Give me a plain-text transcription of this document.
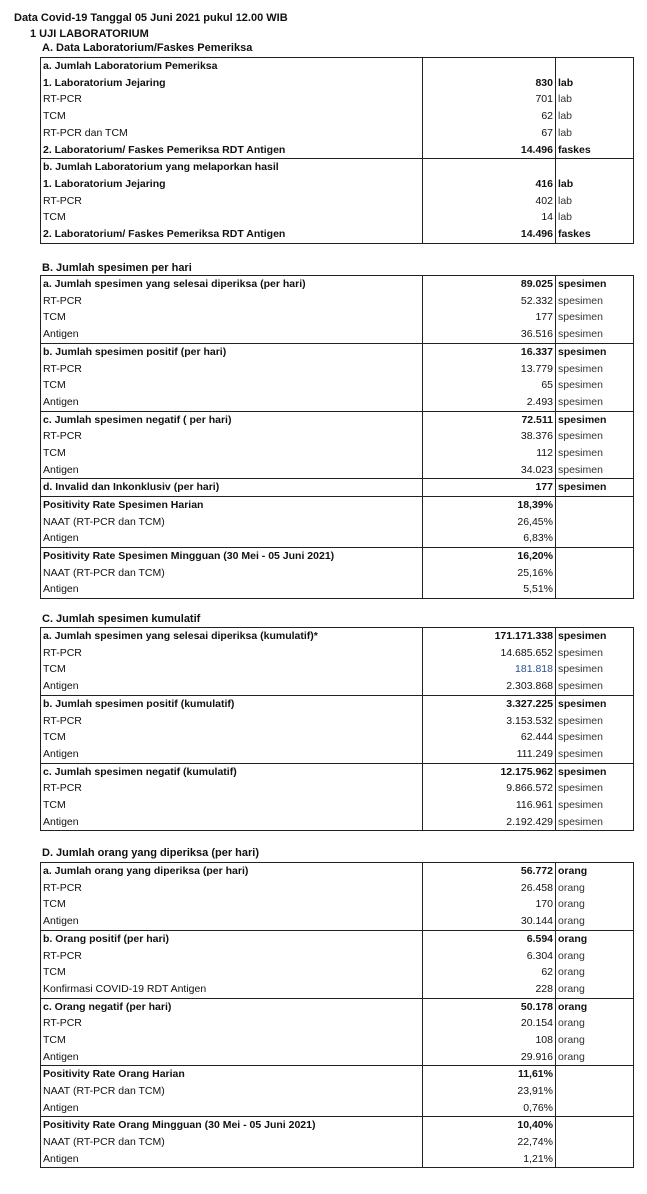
Data Covid-19 Tanggal 05 Juni 2021 pukul 12.00 WIB
1 UJI LABORATORIUM
A. Data Laboratorium/Faskes Pemeriksa
a. Jumlah Laboratorium Pemeriksa		
1. Laboratorium Jejaring	830	lab
RT-PCR	701	lab
TCM	62	lab
RT-PCR dan TCM	67	lab
2. Laboratorium/ Faskes Pemeriksa RDT Antigen	14.496	faskes
b. Jumlah Laboratorium yang melaporkan hasil		
1. Laboratorium Jejaring	416	lab
RT-PCR	402	lab
TCM	14	lab
2. Laboratorium/ Faskes Pemeriksa RDT Antigen	14.496	faskes
B. Jumlah spesimen per hari
a. Jumlah spesimen yang selesai diperiksa (per hari)	89.025	spesimen
RT-PCR	52.332	spesimen
TCM	177	spesimen
Antigen	36.516	spesimen
b. Jumlah spesimen positif (per hari)	16.337	spesimen
RT-PCR	13.779	spesimen
TCM	65	spesimen
Antigen	2.493	spesimen
c. Jumlah spesimen negatif ( per hari)	72.511	spesimen
RT-PCR	38.376	spesimen
TCM	112	spesimen
Antigen	34.023	spesimen
d. Invalid dan Inkonklusiv (per hari)	177	spesimen
Positivity Rate Spesimen Harian	18,39%	
NAAT (RT-PCR dan TCM)	26,45%	
Antigen	6,83%	
Positivity Rate Spesimen Mingguan (30 Mei - 05 Juni 2021)	16,20%	
NAAT (RT-PCR dan TCM)	25,16%	
Antigen	5,51%	
C. Jumlah spesimen kumulatif
a. Jumlah spesimen yang selesai diperiksa (kumulatif)*	171.171.338	spesimen
RT-PCR	14.685.652	spesimen
TCM	181.818	spesimen
Antigen	2.303.868	spesimen
b. Jumlah spesimen positif (kumulatif)	3.327.225	spesimen
RT-PCR	3.153.532	spesimen
TCM	62.444	spesimen
Antigen	111.249	spesimen
c. Jumlah spesimen negatif (kumulatif)	12.175.962	spesimen
RT-PCR	9.866.572	spesimen
TCM	116.961	spesimen
Antigen	2.192.429	spesimen
D. Jumlah orang yang diperiksa (per hari)
a. Jumlah orang yang diperiksa (per hari)	56.772	orang
RT-PCR	26.458	orang
TCM	170	orang
Antigen	30.144	orang
b. Orang positif (per hari)	6.594	orang
RT-PCR	6.304	orang
TCM	62	orang
Konfirmasi COVID-19 RDT Antigen	228	orang
c. Orang negatif (per hari)	50.178	orang
RT-PCR	20.154	orang
TCM	108	orang
Antigen	29.916	orang
Positivity Rate Orang Harian	11,61%	
NAAT (RT-PCR dan TCM)	23,91%	
Antigen	0,76%	
Positivity Rate Orang Mingguan (30 Mei - 05 Juni 2021)	10,40%	
NAAT (RT-PCR dan TCM)	22,74%	
Antigen	1,21%	
